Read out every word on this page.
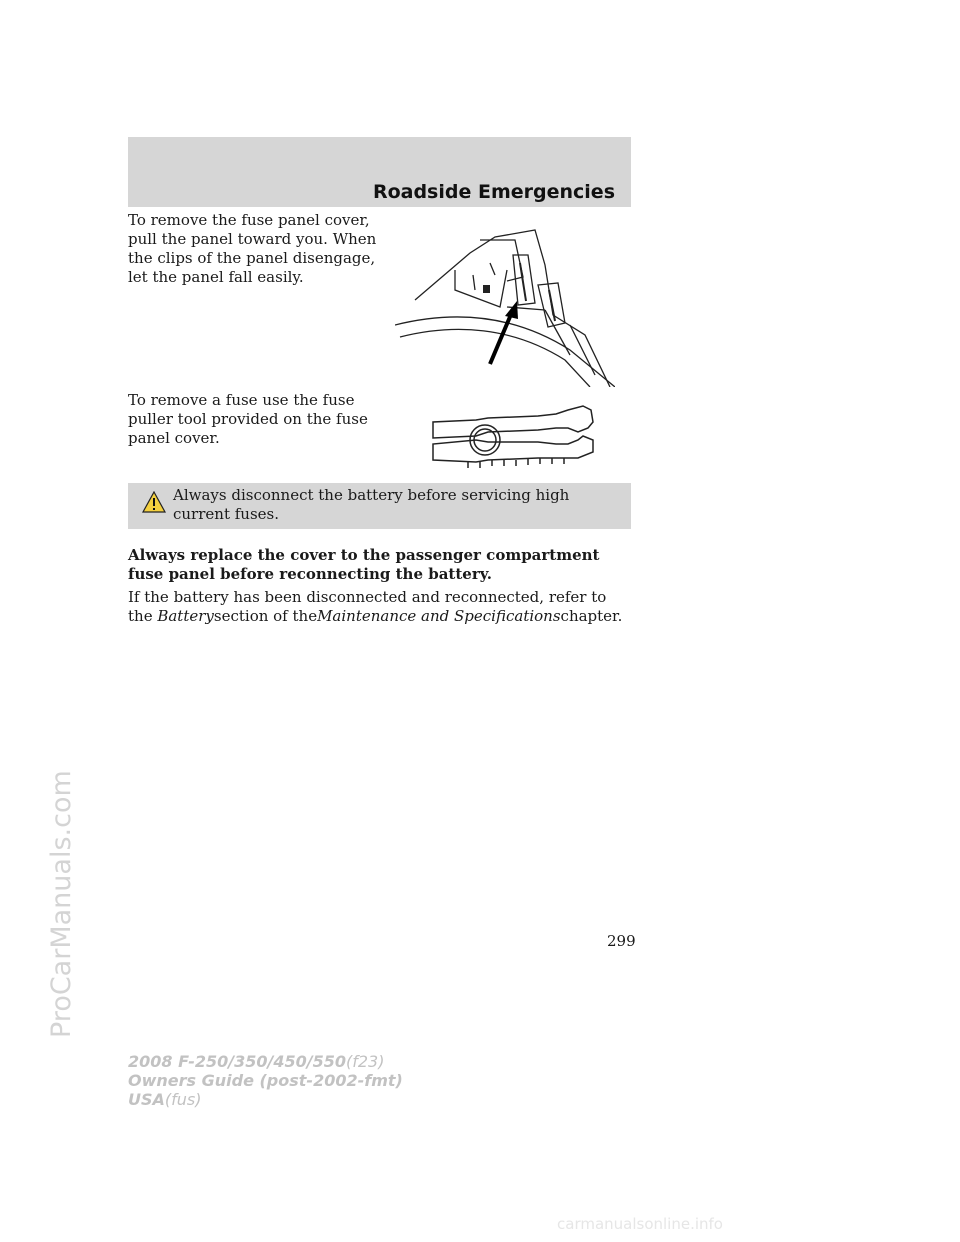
Roadside Emergencies

To remove the fuse panel cover, pull the panel toward you. When the clips of the panel disengage, let the panel fall easily.

To remove a fuse use the fuse puller tool provided on the fuse panel cover.

Always disconnect the battery before servicing high current fuses.

Always replace the cover to the passenger compartment fuse panel before reconnecting the battery.

If the battery has been disconnected and reconnected, refer to the Batterysection of theMaintenance and Specificationschapter.

299
2008 F-250/350/450/550(f23)
Owners Guide (post-2002-fmt)
USA(fus)
ProCarManuals.com
carmanualsonline.info
